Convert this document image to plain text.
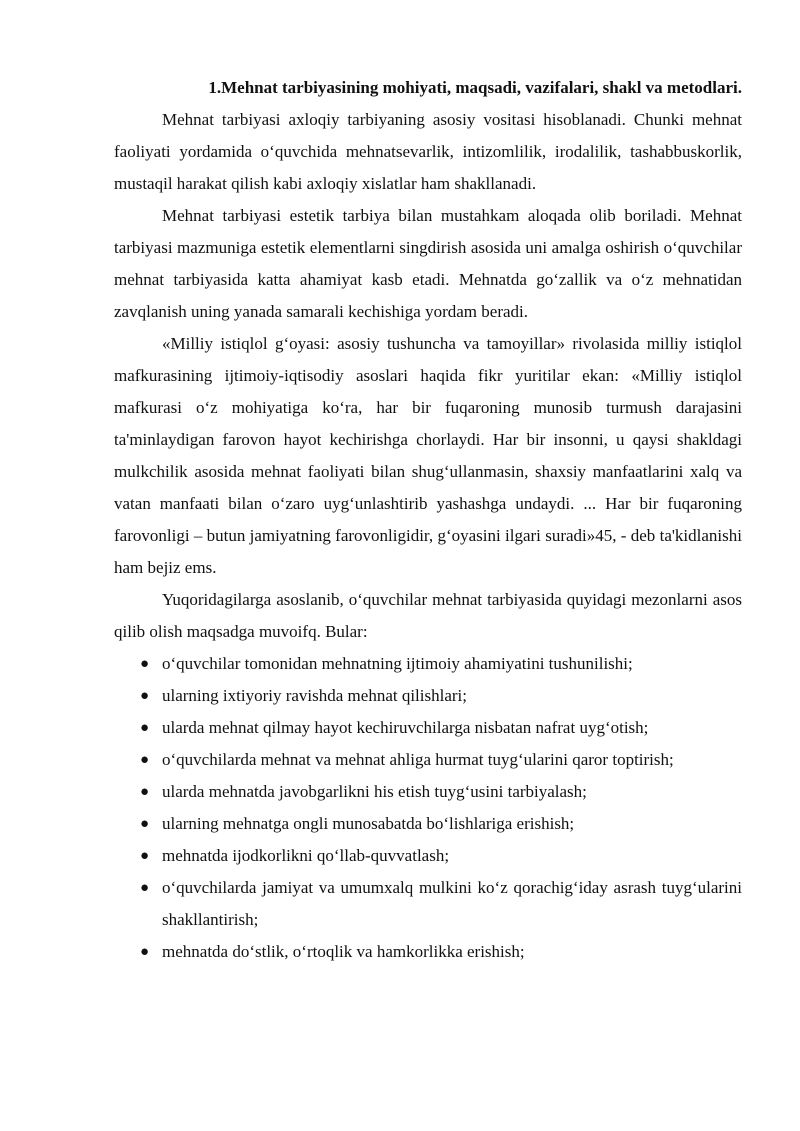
1.Mehnat tarbiyasining mohiyati, maqsadi, vazifalari, shakl va metodlari.

Mehnat tarbiyasi axloqiy tarbiyaning asosiy vositasi hisoblanadi. Chunki mehnat faoliyati yordamida o‘quvchida mehnatsevarlik, intizomlilik, irodalilik, tashabbuskorlik, mustaqil harakat qilish kabi axloqiy xislatlar ham shakllanadi.

Mehnat tarbiyasi estetik tarbiya bilan mustahkam aloqada olib boriladi. Mehnat tarbiyasi mazmuniga estetik elementlarni singdirish asosida uni amalga oshirish o‘quvchilar mehnat tarbiyasida katta ahamiyat kasb etadi. Mehnatda go‘zallik va o‘z mehnatidan zavqlanish uning yanada samarali kechishiga yordam beradi.

«Milliy istiqlol g‘oyasi: asosiy tushuncha va tamoyillar» rivolasida milliy istiqlol mafkurasining ijtimoiy-iqtisodiy asoslari haqida fikr yuritilar ekan: «Milliy istiqlol mafkurasi o‘z mohiyatiga ko‘ra, har bir fuqaroning munosib turmush darajasini ta'minlaydigan farovon hayot kechirishga chorlaydi. Har bir insonni, u qaysi shakldagi mulkchilik asosida mehnat faoliyati bilan shug‘ullanmasin, shaxsiy manfaatlarini xalq va vatan manfaati bilan o‘zaro uyg‘unlashtirib yashashga undaydi. ... Har bir fuqaroning farovonligi – butun jamiyatning farovonligidir, g‘oyasini ilgari suradi»45, - deb ta'kidlanishi ham bejiz ems.

Yuqoridagilarga asoslanib, o‘quvchilar mehnat tarbiyasida quyidagi mezonlarni asos qilib olish maqsadga muvoifq. Bular:

● o‘quvchilar tomonidan mehnatning ijtimoiy ahamiyatini tushunilishi;
● ularning ixtiyoriy ravishda mehnat qilishlari;
● ularda mehnat qilmay hayot kechiruvchilarga nisbatan nafrat uyg‘otish;
● o‘quvchilarda mehnat va mehnat ahliga hurmat tuyg‘ularini qaror toptirish;
● ularda mehnatda javobgarlikni his etish tuyg‘usini tarbiyalash;
● ularning mehnatga ongli munosabatda bo‘lishlariga erishish;
● mehnatda ijodkorlikni qo‘llab-quvvatlash;
● o‘quvchilarda jamiyat va umumxalq mulkini ko‘z qorachig‘iday asrash tuyg‘ularini shakllantirish;
● mehnatda do‘stlik, o‘rtoqlik va hamkorlikka erishish;
